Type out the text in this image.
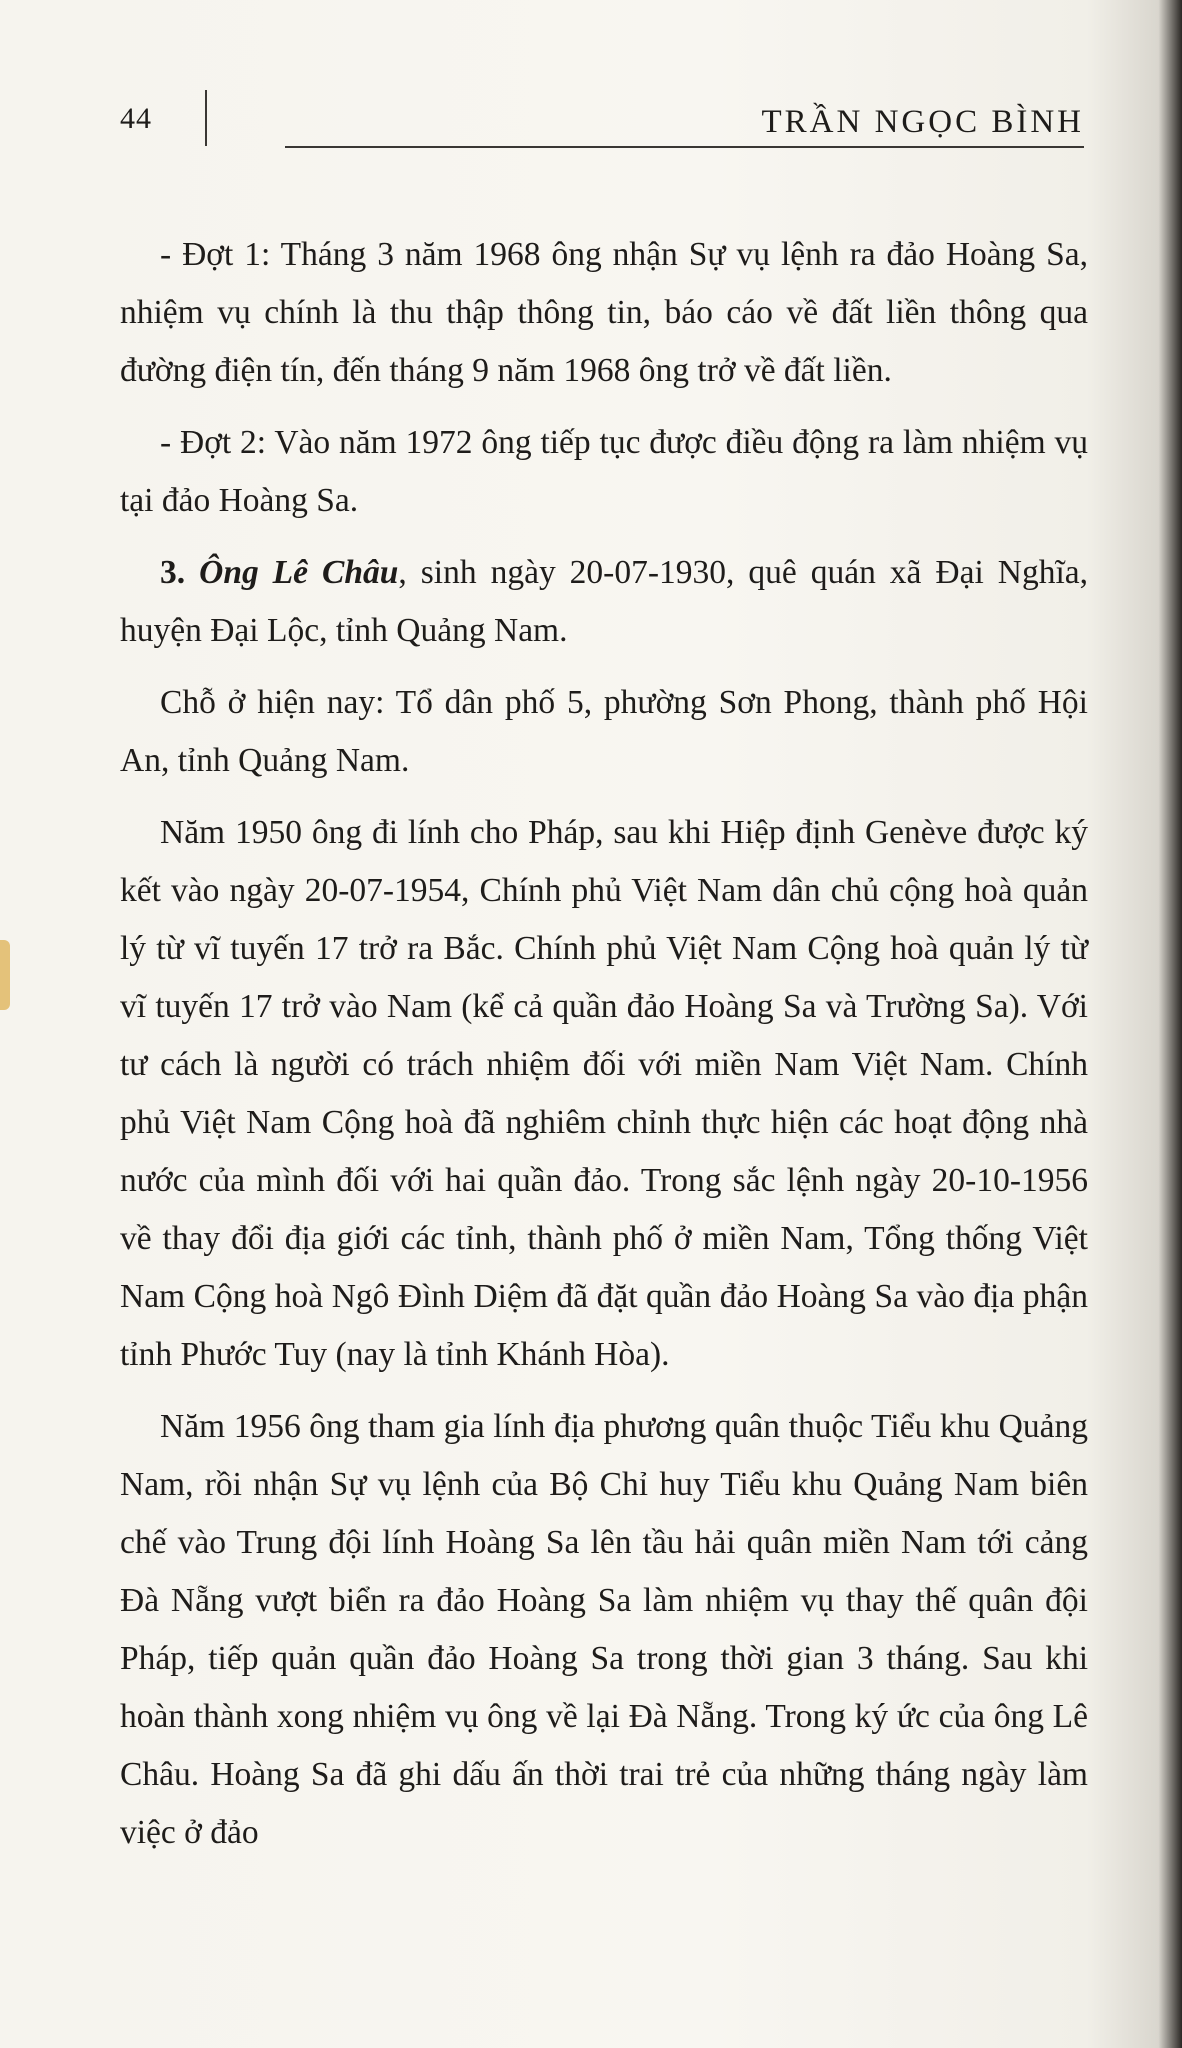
44	TRẦN NGỌC BÌNH

- Đợt 1: Tháng 3 năm 1968 ông nhận Sự vụ lệnh ra đảo Hoàng Sa, nhiệm vụ chính là thu thập thông tin, báo cáo về đất liền thông qua đường điện tín, đến tháng 9 năm 1968 ông trở về đất liền.

- Đợt 2: Vào năm 1972 ông tiếp tục được điều động ra làm nhiệm vụ tại đảo Hoàng Sa.

3. Ông Lê Châu, sinh ngày 20-07-1930, quê quán xã Đại Nghĩa, huyện Đại Lộc, tỉnh Quảng Nam.

Chỗ ở hiện nay: Tổ dân phố 5, phường Sơn Phong, thành phố Hội An, tỉnh Quảng Nam.

Năm 1950 ông đi lính cho Pháp, sau khi Hiệp định Genève được ký kết vào ngày 20-07-1954, Chính phủ Việt Nam dân chủ cộng hoà quản lý từ vĩ tuyến 17 trở ra Bắc. Chính phủ Việt Nam Cộng hoà quản lý từ vĩ tuyến 17 trở vào Nam (kể cả quần đảo Hoàng Sa và Trường Sa). Với tư cách là người có trách nhiệm đối với miền Nam Việt Nam. Chính phủ Việt Nam Cộng hoà đã nghiêm chỉnh thực hiện các hoạt động nhà nước của mình đối với hai quần đảo. Trong sắc lệnh ngày 20-10-1956 về thay đổi địa giới các tỉnh, thành phố ở miền Nam, Tổng thống Việt Nam Cộng hoà Ngô Đình Diệm đã đặt quần đảo Hoàng Sa vào địa phận tỉnh Phước Tuy (nay là tỉnh Khánh Hòa).

Năm 1956 ông tham gia lính địa phương quân thuộc Tiểu khu Quảng Nam, rồi nhận Sự vụ lệnh của Bộ Chỉ huy Tiểu khu Quảng Nam biên chế vào Trung đội lính Hoàng Sa lên tầu hải quân miền Nam tới cảng Đà Nẵng vượt biển ra đảo Hoàng Sa làm nhiệm vụ thay thế quân đội Pháp, tiếp quản quần đảo Hoàng Sa trong thời gian 3 tháng. Sau khi hoàn thành xong nhiệm vụ ông về lại Đà Nẵng. Trong ký ức của ông Lê Châu. Hoàng Sa đã ghi dấu ấn thời trai trẻ của những tháng ngày làm việc ở đảo
